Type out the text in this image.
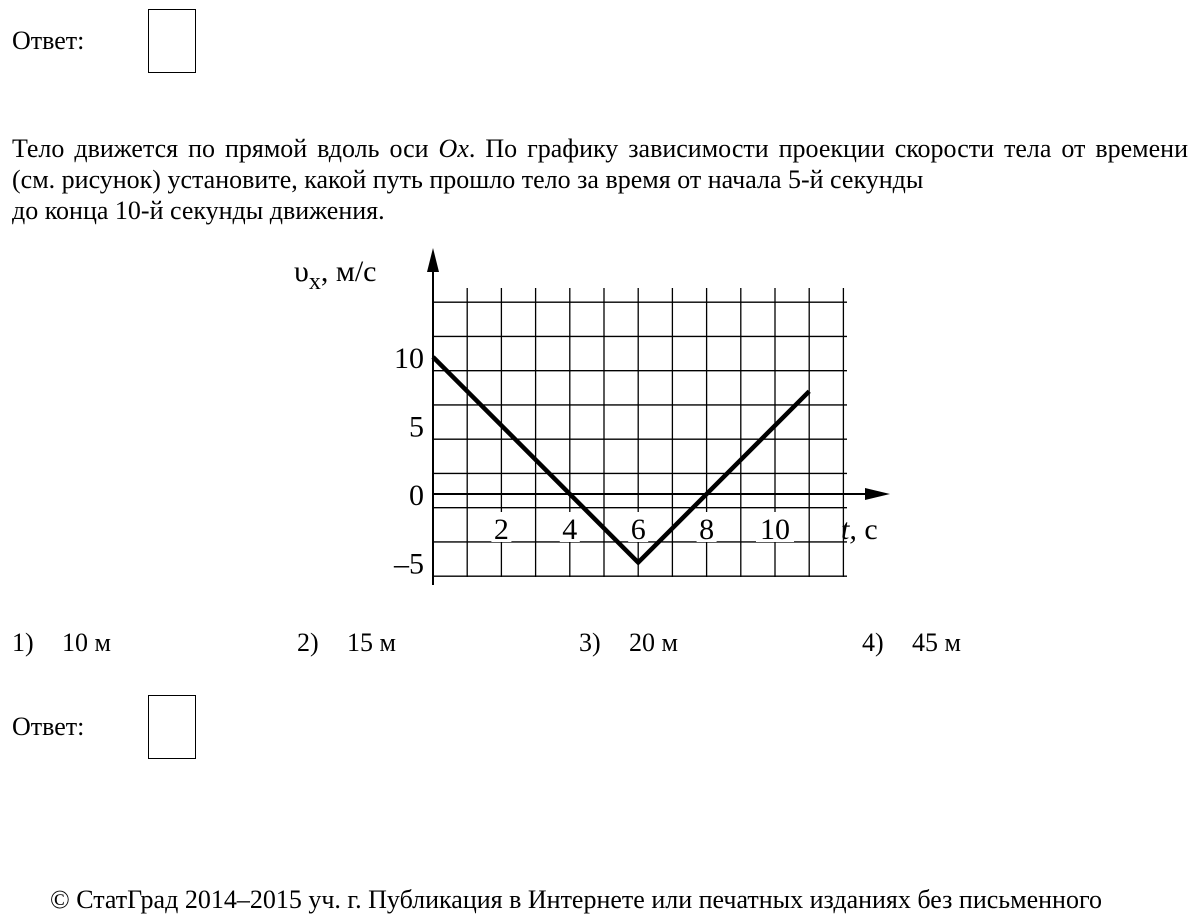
Ответ:
Тело движется по прямой вдоль оси Ox. По графику зависимости проекции скорости тела от времени (см. рисунок) установите, какой путь прошло тело за время от начала 5-й секунды
до конца 10-й секунды движения.
2 4 6 8 10
10
5
0
–5
$\upsilon_x$, м/с
t, с
1) 10 м	2) 15 м	3) 20 м	4) 45 м
Ответ:
© СтатГрад 2014–2015 уч. г. Публикация в Интернете или печатных изданиях без письменного
